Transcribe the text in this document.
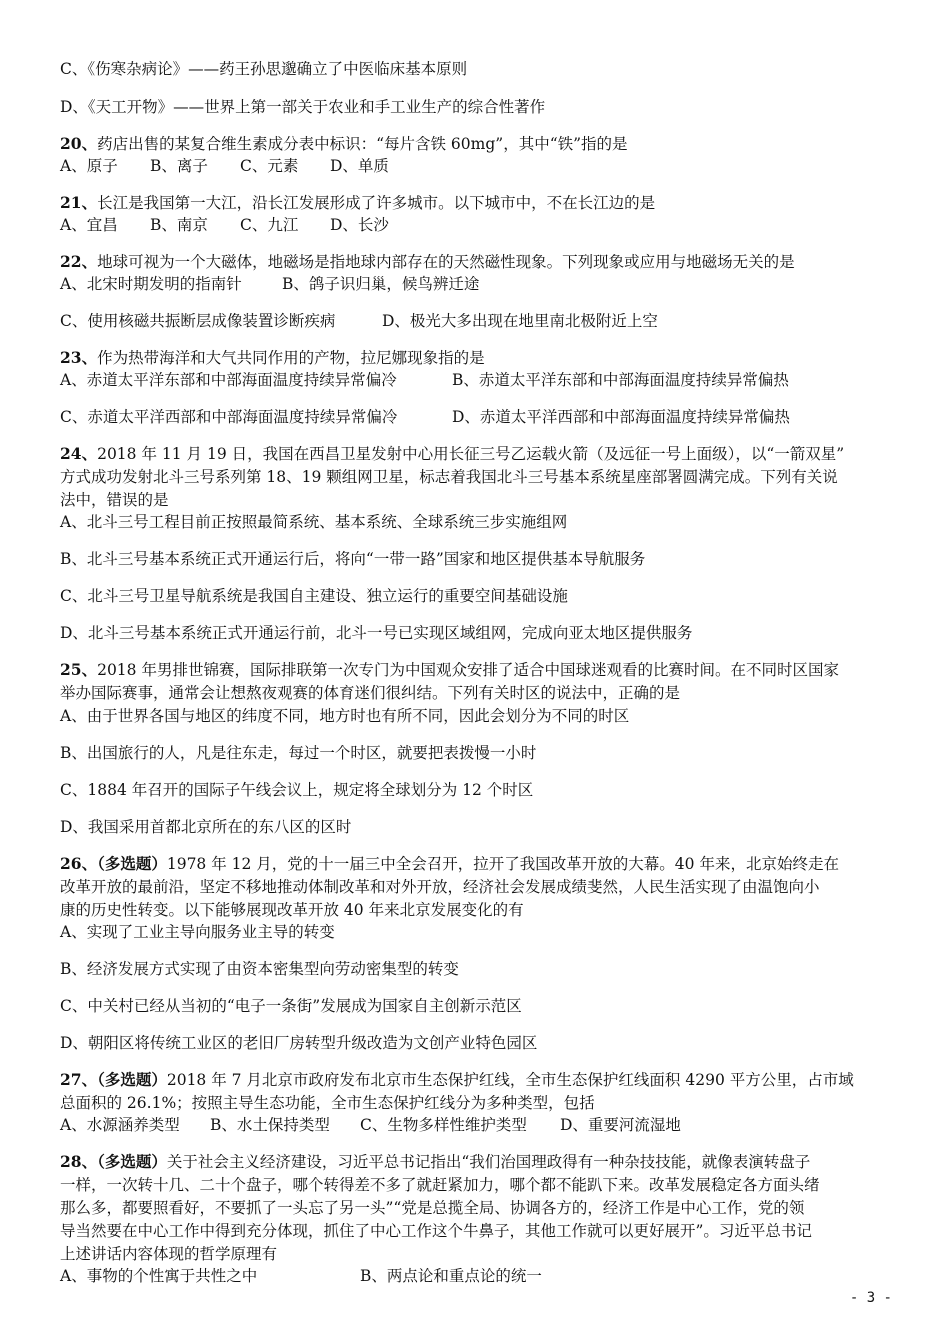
C、《伤寒杂病论》——药王孙思邈确立了中医临床基本原则
D、《天工开物》——世界上第一部关于农业和手工业生产的综合性著作
20、药店出售的某复合维生素成分表中标识：“每片含铁 60mg”，其中“铁”指的是
A、原子 B、离子 C、元素 D、单质
21、长江是我国第一大江，沿长江发展形成了许多城市。以下城市中，不在长江边的是
A、宜昌 B、南京 C、九江 D、长沙
22、地球可视为一个大磁体，地磁场是指地球内部存在的天然磁性现象。下列现象或应用与地磁场无关的是
A、北宋时期发明的指南针	B、鸽子识归巢，候鸟辨迁途
C、使用核磁共振断层成像装置诊断疾病	D、极光大多出现在地里南北极附近上空
23、作为热带海洋和大气共同作用的产物，拉尼娜现象指的是
A、赤道太平洋东部和中部海面温度持续异常偏冷	B、赤道太平洋东部和中部海面温度持续异常偏热
C、赤道太平洋西部和中部海面温度持续异常偏冷	D、赤道太平洋西部和中部海面温度持续异常偏热
24、2018 年 11 月 19 日，我国在西昌卫星发射中心用长征三号乙运载火箭（及远征一号上面级），以“一箭双星”
方式成功发射北斗三号系列第 18、19 颗组网卫星，标志着我国北斗三号基本系统星座部署圆满完成。下列有关说
法中，错误的是
A、北斗三号工程目前正按照最简系统、基本系统、全球系统三步实施组网
B、北斗三号基本系统正式开通运行后，将向“一带一路”国家和地区提供基本导航服务
C、北斗三号卫星导航系统是我国自主建设、独立运行的重要空间基础设施
D、北斗三号基本系统正式开通运行前，北斗一号已实现区域组网，完成向亚太地区提供服务
25、2018 年男排世锦赛，国际排联第一次专门为中国观众安排了适合中国球迷观看的比赛时间。在不同时区国家
举办国际赛事，通常会让想熬夜观赛的体育迷们很纠结。下列有关时区的说法中，正确的是
A、由于世界各国与地区的纬度不同，地方时也有所不同，因此会划分为不同的时区
B、出国旅行的人，凡是往东走，每过一个时区，就要把表拨慢一小时
C、1884 年召开的国际子午线会议上，规定将全球划分为 12 个时区
D、我国采用首都北京所在的东八区的区时
26、（多选题）1978 年 12 月，党的十一届三中全会召开，拉开了我国改革开放的大幕。40 年来，北京始终走在
改革开放的最前沿，坚定不移地推动体制改革和对外开放，经济社会发展成绩斐然，人民生活实现了由温饱向小
康的历史性转变。以下能够展现改革开放 40 年来北京发展变化的有
A、实现了工业主导向服务业主导的转变
B、经济发展方式实现了由资本密集型向劳动密集型的转变
C、中关村已经从当初的“电子一条街”发展成为国家自主创新示范区
D、朝阳区将传统工业区的老旧厂房转型升级改造为文创产业特色园区
27、（多选题）2018 年 7 月北京市政府发布北京市生态保护红线，全市生态保护红线面积 4290 平方公里，占市域
总面积的 26.1%；按照主导生态功能，全市生态保护红线分为多种类型，包括
A、水源涵养类型 B、水土保持类型 C、生物多样性维护类型 D、重要河流湿地
28、（多选题）关于社会主义经济建设，习近平总书记指出“我们治国理政得有一种杂技技能，就像表演转盘子
一样，一次转十几、二十个盘子，哪个转得差不多了就赶紧加力，哪个都不能趴下来。改革发展稳定各方面头绪
那么多，都要照看好，不要抓了一头忘了另一头”“党是总揽全局、协调各方的，经济工作是中心工作，党的领
导当然要在中心工作中得到充分体现，抓住了中心工作这个牛鼻子，其他工作就可以更好展开”。习近平总书记
上述讲话内容体现的哲学原理有
A、事物的个性寓于共性之中	B、两点论和重点论的统一
- 3 -
